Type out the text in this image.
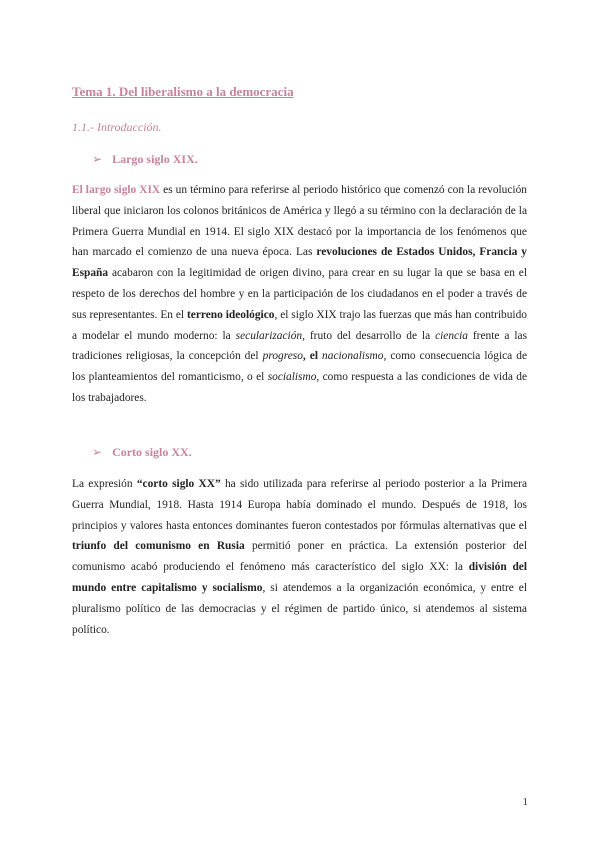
Tema 1. Del liberalismo a la democracia
1.1.- Introducción.
➢ Largo siglo XIX.
El largo siglo XIX es un término para referirse al periodo histórico que comenzó con la revolución liberal que iniciaron los colonos británicos de América y llegó a su término con la declaración de la Primera Guerra Mundial en 1914. El siglo XIX destacó por la importancia de los fenómenos que han marcado el comienzo de una nueva época. Las revoluciones de Estados Unidos, Francia y España acabaron con la legitimidad de origen divino, para crear en su lugar la que se basa en el respeto de los derechos del hombre y en la participación de los ciudadanos en el poder a través de sus representantes. En el terreno ideológico, el siglo XIX trajo las fuerzas que más han contribuido a modelar el mundo moderno: la secularización, fruto del desarrollo de la ciencia frente a las tradiciones religiosas, la concepción del progreso, el nacionalismo, como consecuencia lógica de los planteamientos del romanticismo, o el socialismo, como respuesta a las condiciones de vida de los trabajadores.
➢ Corto siglo XX.
La expresión “corto siglo XX” ha sido utilizada para referirse al periodo posterior a la Primera Guerra Mundial, 1918. Hasta 1914 Europa había dominado el mundo. Después de 1918, los principios y valores hasta entonces dominantes fueron contestados por fórmulas alternativas que el triunfo del comunismo en Rusia permitió poner en práctica. La extensión posterior del comunismo acabó produciendo el fenómeno más característico del siglo XX: la división del mundo entre capitalismo y socialismo, si atendemos a la organización económica, y entre el pluralismo político de las democracias y el régimen de partido único, si atendemos al sistema político.
1
